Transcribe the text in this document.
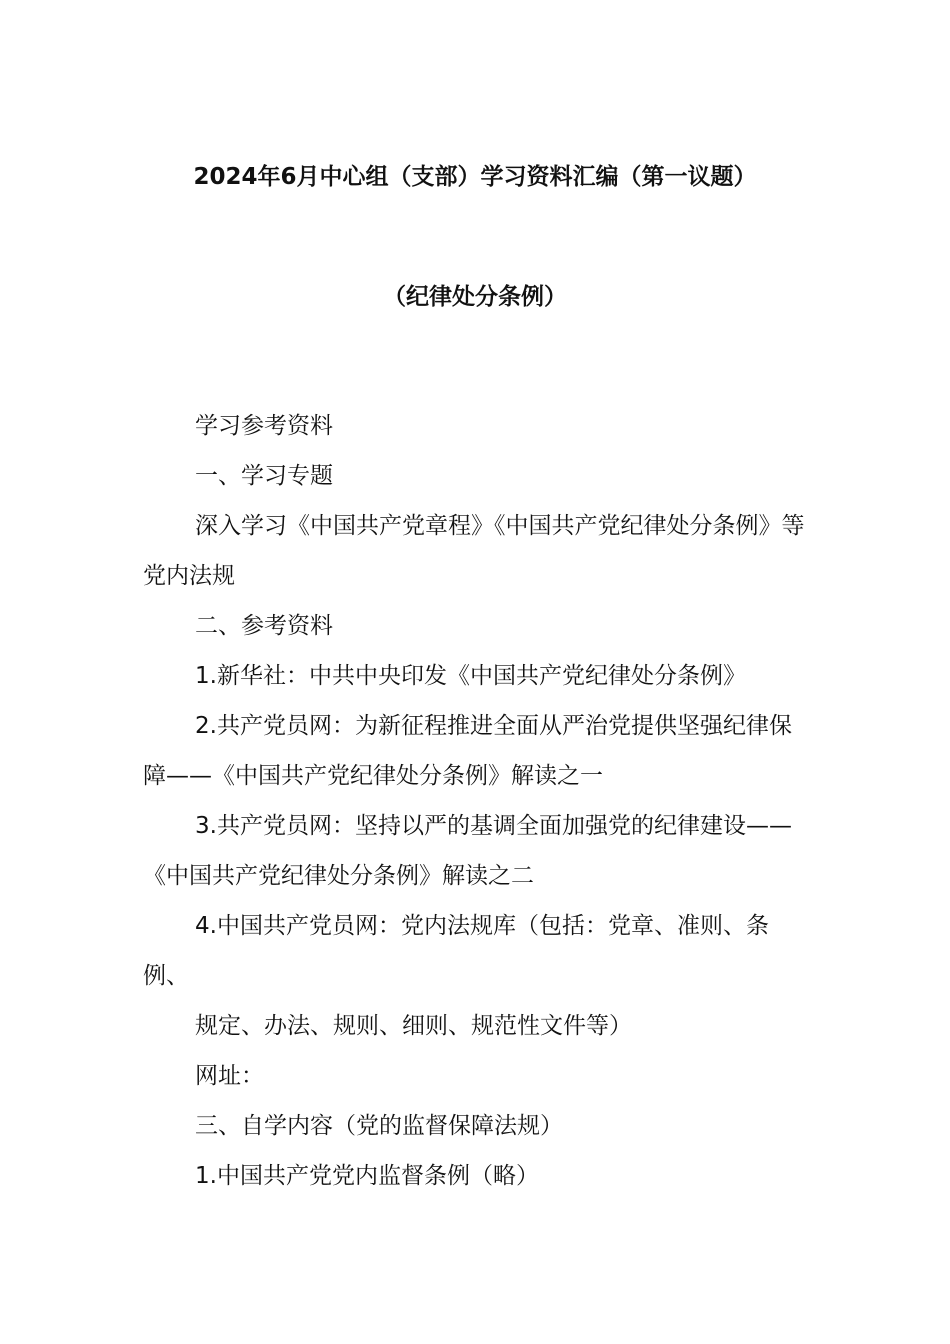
2024年6月中心组（支部）学习资料汇编（第一议题）
（纪律处分条例）

学习参考资料

一、学习专题

深入学习《中国共产党章程》《中国共产党纪律处分条例》等党内法规

二、参考资料

1.新华社：中共中央印发《中国共产党纪律处分条例》

2.共产党员网：为新征程推进全面从严治党提供坚强纪律保障——《中国共产党纪律处分条例》解读之一

3.共产党员网：坚持以严的基调全面加强党的纪律建设——《中国共产党纪律处分条例》解读之二

4.中国共产党员网：党内法规库（包括：党章、准则、条例、

规定、办法、规则、细则、规范性文件等）

网址：

三、自学内容（党的监督保障法规）

1.中国共产党党内监督条例（略）
